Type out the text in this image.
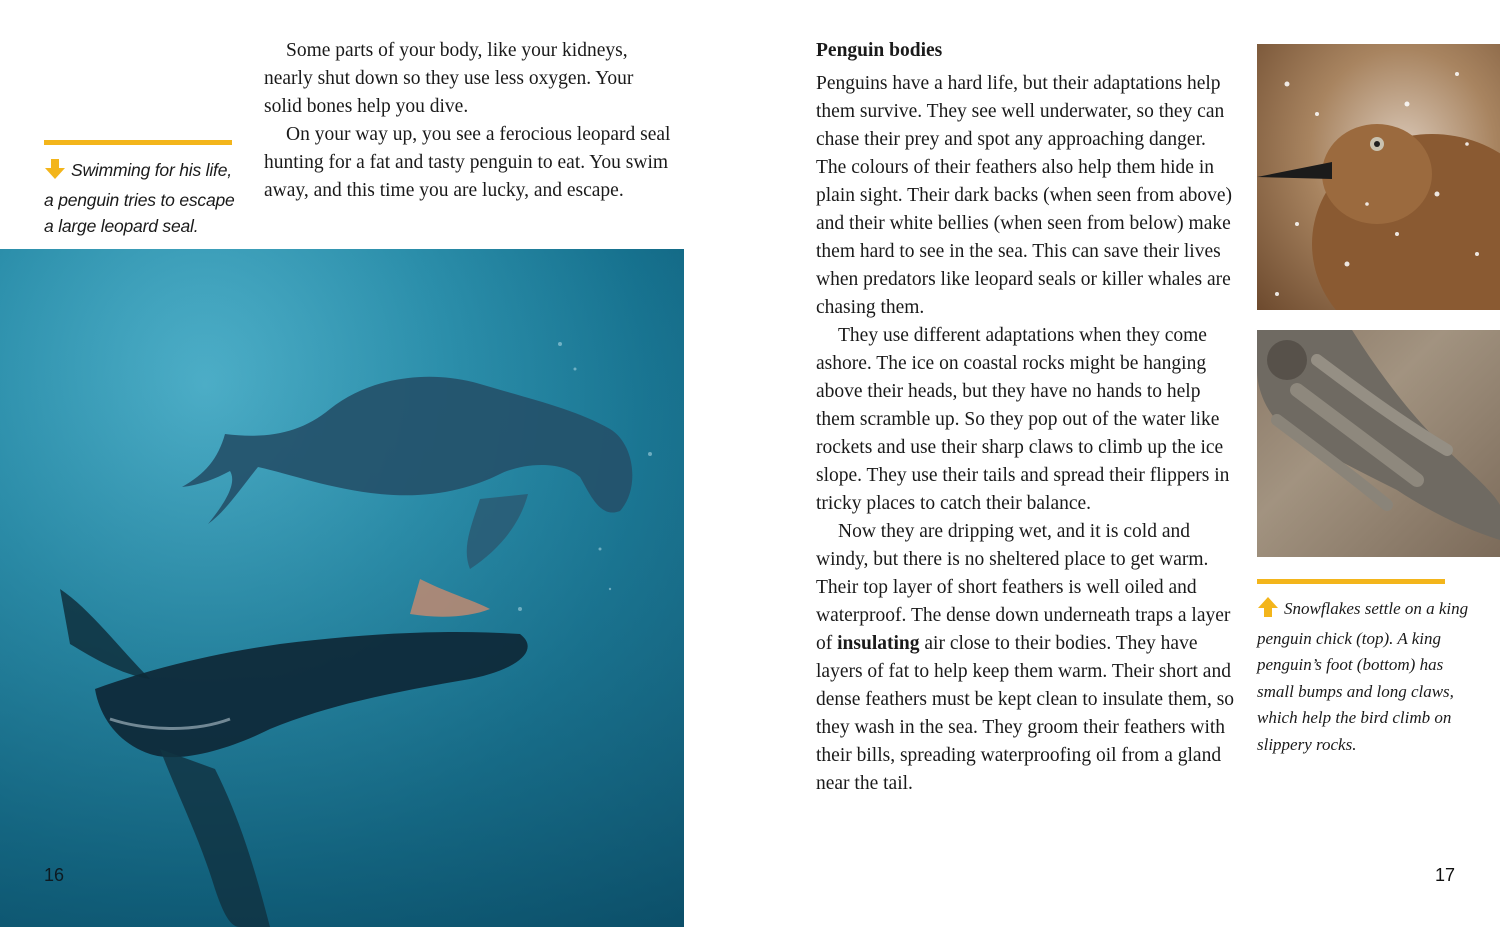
Swimming for his life, a penguin tries to escape a large leopard seal.

Some parts of your body, like your kidneys, nearly shut down so they use less oxygen. Your solid bones help you dive.

On your way up, you see a ferocious leopard seal hunting for a fat and tasty penguin to eat. You swim away, and this time you are lucky, and escape.

16
Penguin bodies

Penguins have a hard life, but their adaptations help them survive. They see well underwater, so they can chase their prey and spot any approaching danger. The colours of their feathers also help them hide in plain sight. Their dark backs (when seen from above) and their white bellies (when seen from below) make them hard to see in the sea. This can save their lives when predators like leopard seals or killer whales are chasing them.

They use different adaptations when they come ashore. The ice on coastal rocks might be hanging above their heads, but they have no hands to help them scramble up. So they pop out of the water like rockets and use their sharp claws to climb up the ice slope. They use their tails and spread their flippers in tricky places to catch their balance.

Now they are dripping wet, and it is cold and windy, but there is no sheltered place to get warm. Their top layer of short feathers is well oiled and waterproof. The dense down underneath traps a layer of insulating air close to their bodies. They have layers of fat to help keep them warm. Their short and dense feathers must be kept clean to insulate them, so they wash in the sea. They groom their feathers with their bills, spreading waterproofing oil from a gland near the tail.

Snowflakes settle on a king penguin chick (top). A king penguin’s foot (bottom) has small bumps and long claws, which help the bird climb on slippery rocks.
17
